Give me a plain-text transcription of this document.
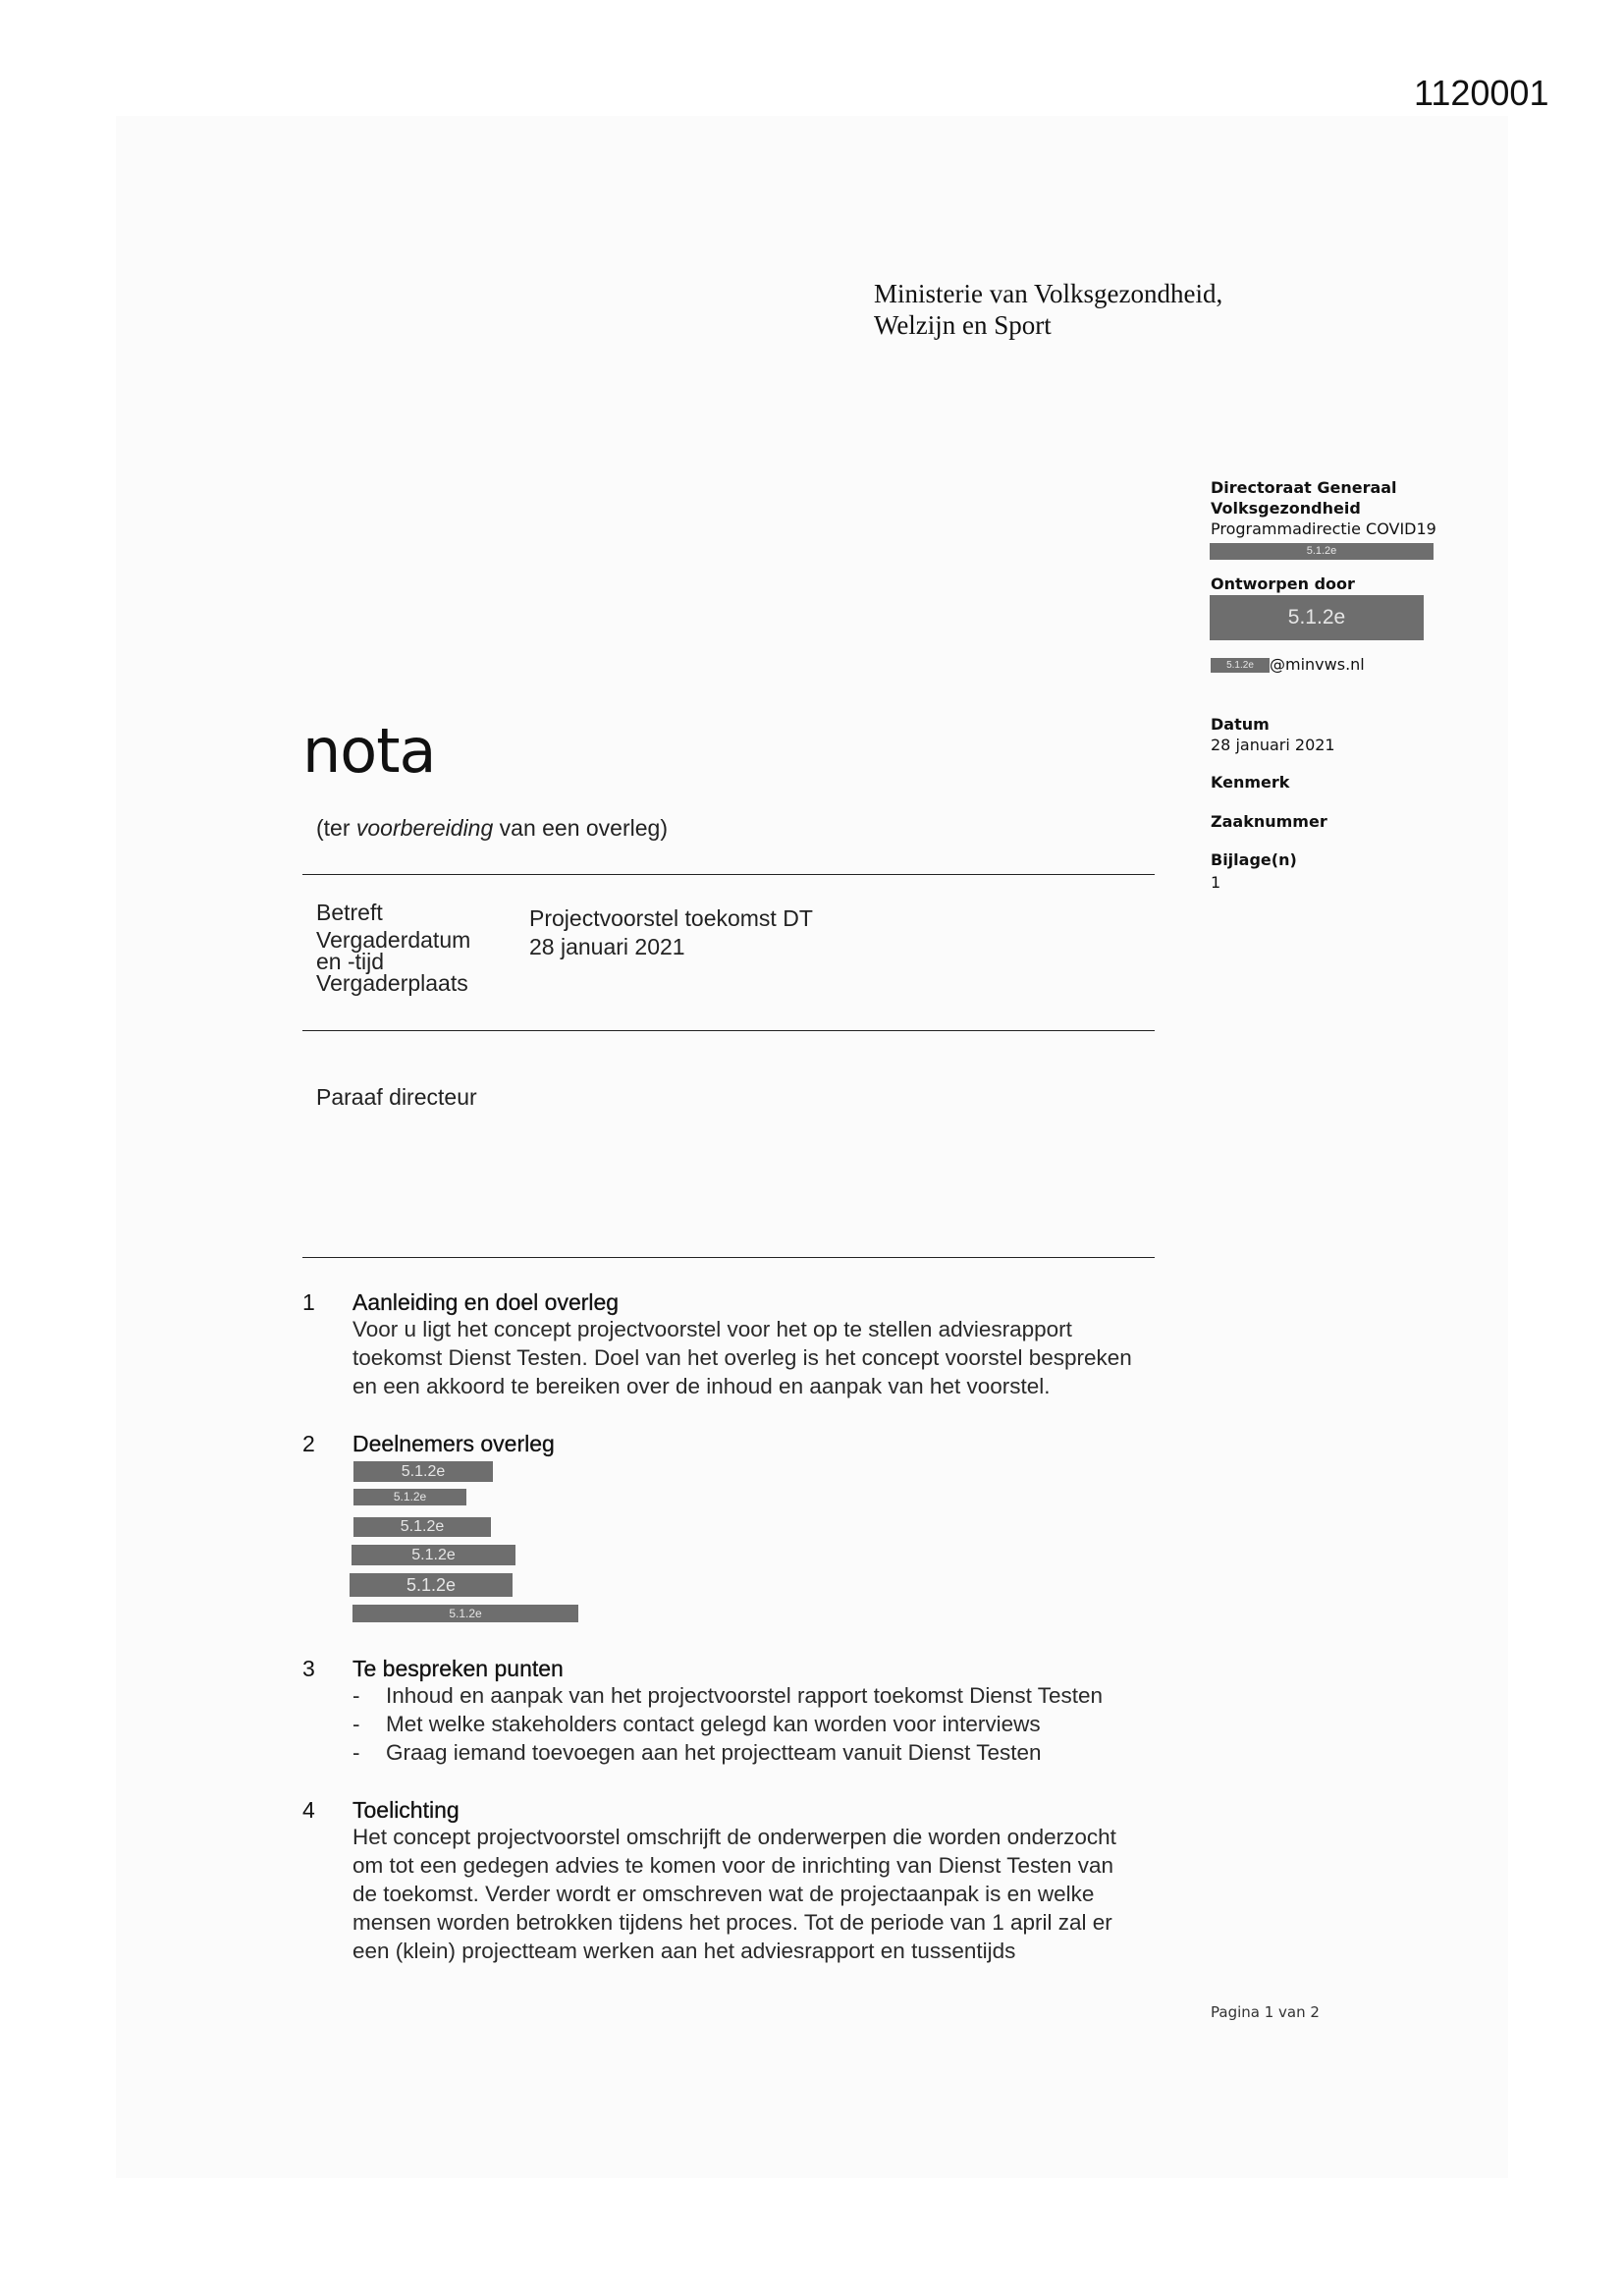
1120001
Ministerie van Volksgezondheid,
Welzijn en Sport
Directoraat Generaal
Volksgezondheid
Programmadirectie COVID19
5.1.2e
Ontworpen door
5.1.2e
5.1.2e @minvws.nl
Datum
28 januari 2021
Kenmerk
Zaaknummer
Bijlage(n)
1
nota
(ter voorbereiding van een overleg)
Betreft
Vergaderdatum
en -tijd
Vergaderplaats
Projectvoorstel toekomst DT
28 januari 2021
Paraaf directeur
1 Aanleiding en doel overleg
Voor u ligt het concept projectvoorstel voor het op te stellen adviesrapport
toekomst Dienst Testen. Doel van het overleg is het concept voorstel bespreken
en een akkoord te bereiken over de inhoud en aanpak van het voorstel.
2 Deelnemers overleg
5.1.2e
5.1.2e
5.1.2e
5.1.2e
5.1.2e
5.1.2e
3 Te bespreken punten
- Inhoud en aanpak van het projectvoorstel rapport toekomst Dienst Testen
- Met welke stakeholders contact gelegd kan worden voor interviews
- Graag iemand toevoegen aan het projectteam vanuit Dienst Testen
4 Toelichting
Het concept projectvoorstel omschrijft de onderwerpen die worden onderzocht
om tot een gedegen advies te komen voor de inrichting van Dienst Testen van
de toekomst. Verder wordt er omschreven wat de projectaanpak is en welke
mensen worden betrokken tijdens het proces. Tot de periode van 1 april zal er
een (klein) projectteam werken aan het adviesrapport en tussentijds
Pagina 1 van 2
